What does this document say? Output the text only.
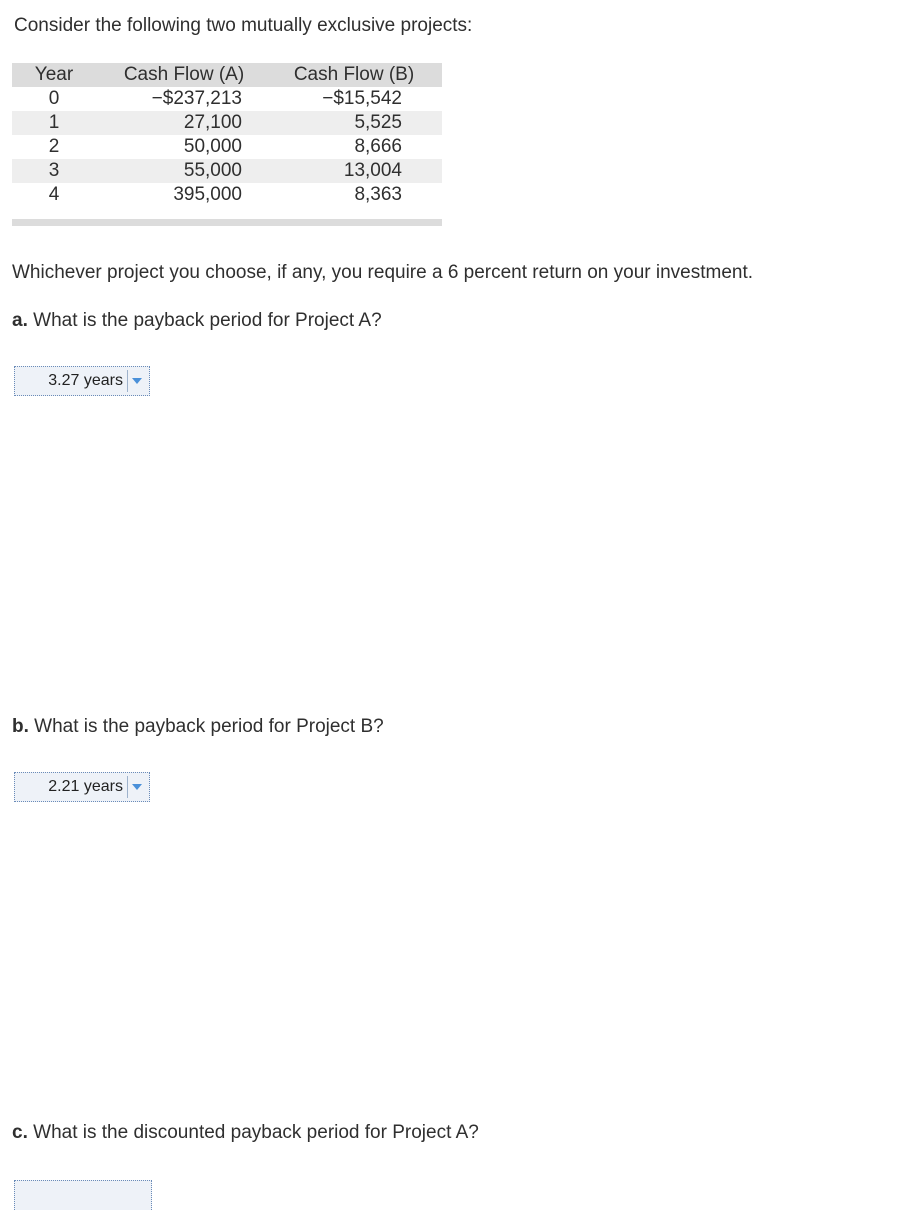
Consider the following two mutually exclusive projects:
Year	Cash Flow (A)	Cash Flow (B)
0	−$237,213	−$15,542
1	27,100	5,525
2	50,000	8,666
3	55,000	13,004
4	395,000	8,363
Whichever project you choose, if any, you require a 6 percent return on your investment.
a. What is the payback period for Project A?
3.27 years
b. What is the payback period for Project B?
2.21 years
c. What is the discounted payback period for Project A?
